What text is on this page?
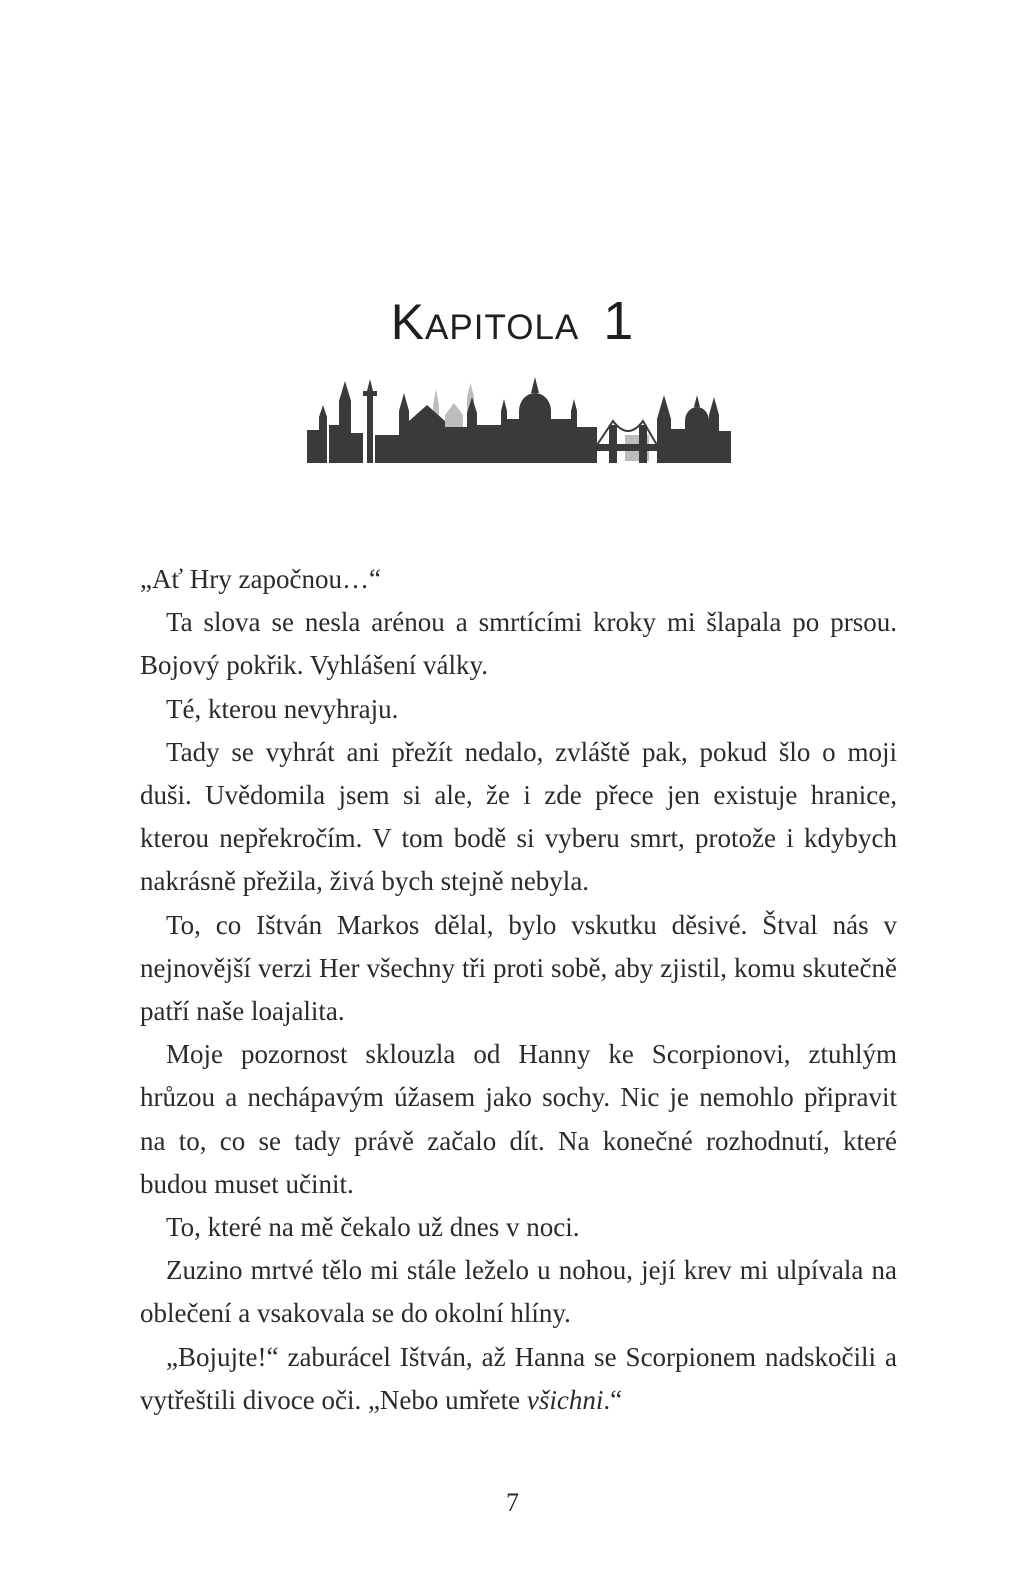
Kapitola 1

„Ať Hry započnou…“

Ta slova se nesla arénou a smrtícími kroky mi šlapala po prsou. Bojový pokřik. Vyhlášení války.

Té, kterou nevyhraju.

Tady se vyhrát ani přežít nedalo, zvláště pak, pokud šlo o moji duši. Uvědomila jsem si ale, že i zde přece jen existuje hranice, kterou nepřekročím. V tom bodě si vyberu smrt, protože i kdybych nakrásně přežila, živá bych stejně nebyla.

To, co Ištván Markos dělal, bylo vskutku děsivé. Štval nás v nejnovější verzi Her všechny tři proti sobě, aby zjistil, komu skutečně patří naše loajalita.

Moje pozornost sklouzla od Hanny ke Scorpionovi, ztuhlým hrůzou a nechápavým úžasem jako sochy. Nic je nemohlo připravit na to, co se tady právě začalo dít. Na konečné rozhodnutí, které budou muset učinit.

To, které na mě čekalo už dnes v noci.

Zuzino mrtvé tělo mi stále leželo u nohou, její krev mi ulpívala na oblečení a vsakovala se do okolní hlíny.

„Bojujte!“ zaburácel Ištván, až Hanna se Scorpionem nadskočili a vytřeštili divoce oči. „Nebo umřete všichni.“

7
